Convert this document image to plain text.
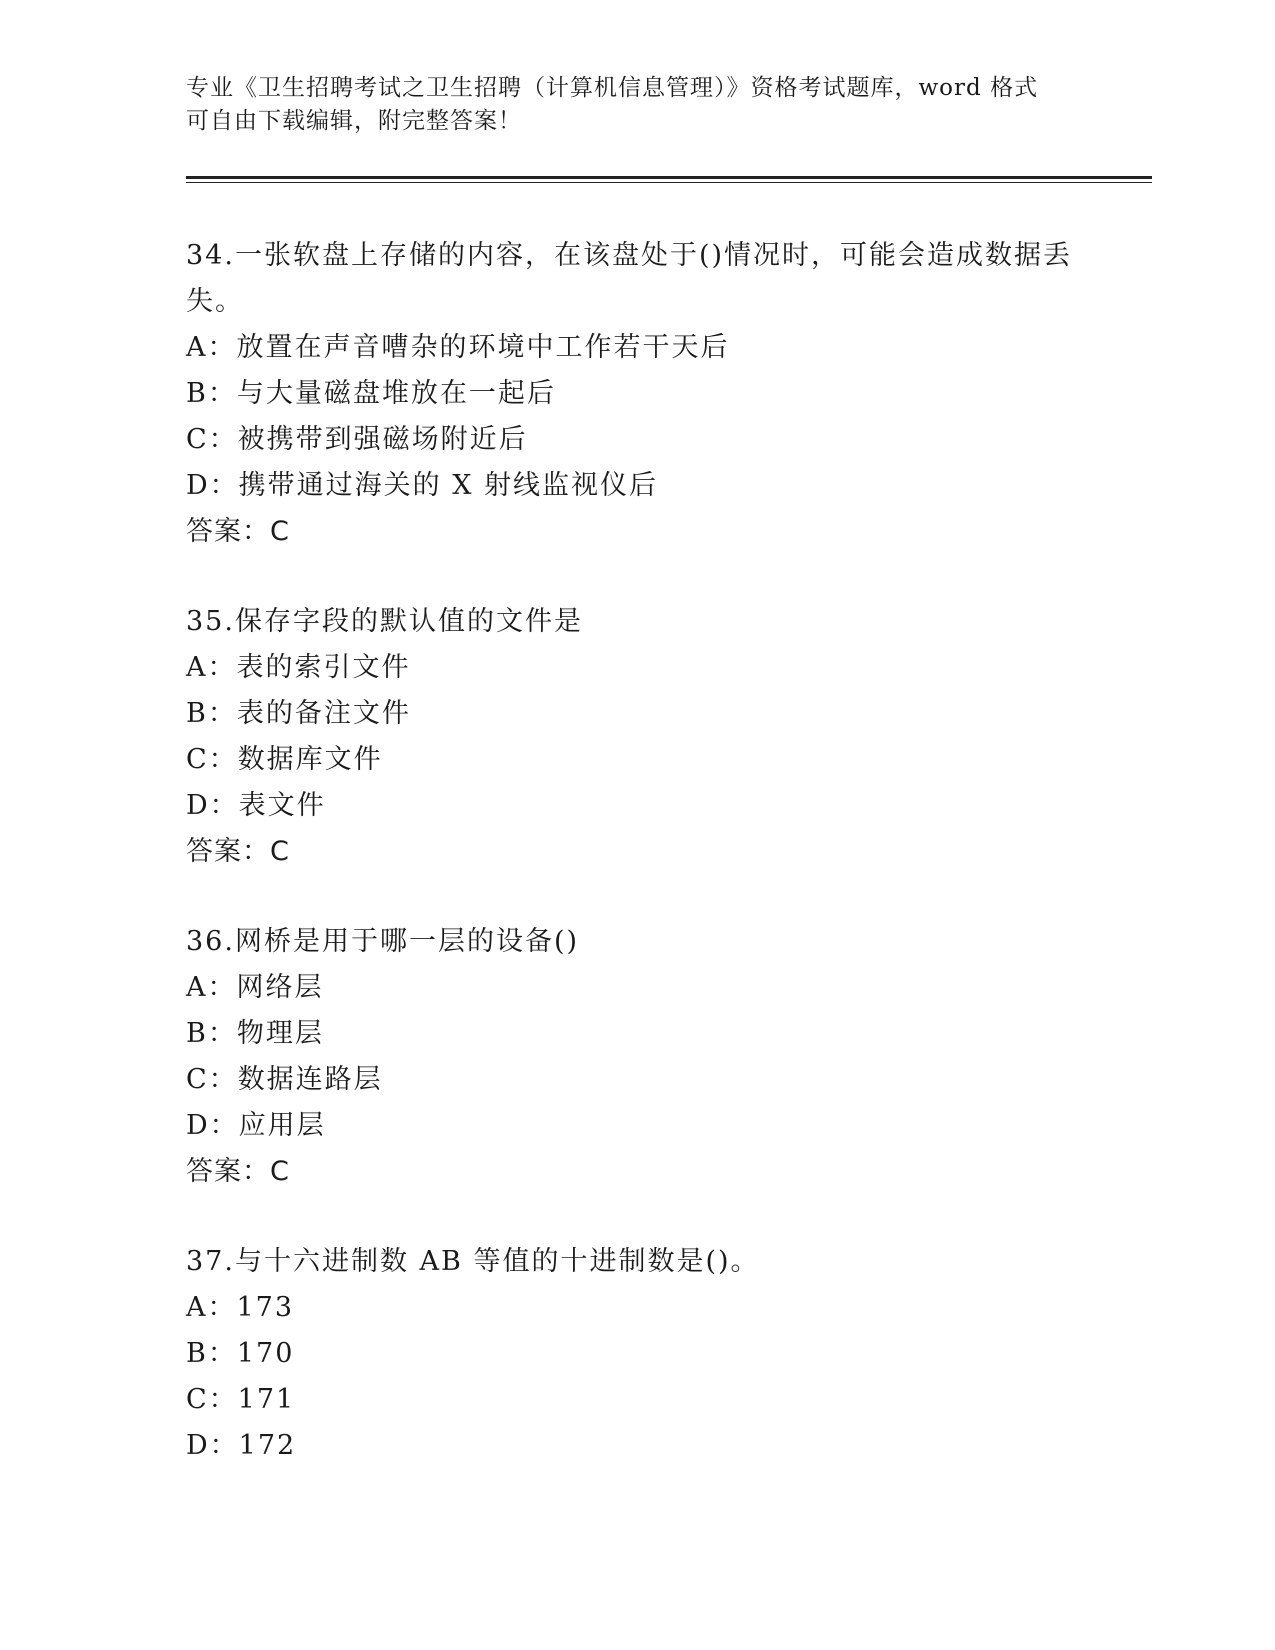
专业《卫生招聘考试之卫生招聘（计算机信息管理）》资格考试题库，word 格式
可自由下载编辑，附完整答案！
34.一张软盘上存储的内容，在该盘处于()情况时，可能会造成数据丢
失。
A：放置在声音嘈杂的环境中工作若干天后
B：与大量磁盘堆放在一起后
C：被携带到强磁场附近后
D：携带通过海关的 X 射线监视仪后
答案：C
35.保存字段的默认值的文件是
A：表的索引文件
B：表的备注文件
C：数据库文件
D：表文件
答案：C
36.网桥是用于哪一层的设备()
A：网络层
B：物理层
C：数据连路层
D：应用层
答案：C
37.与十六进制数 AB 等值的十进制数是()。
A：173
B：170
C：171
D：172
